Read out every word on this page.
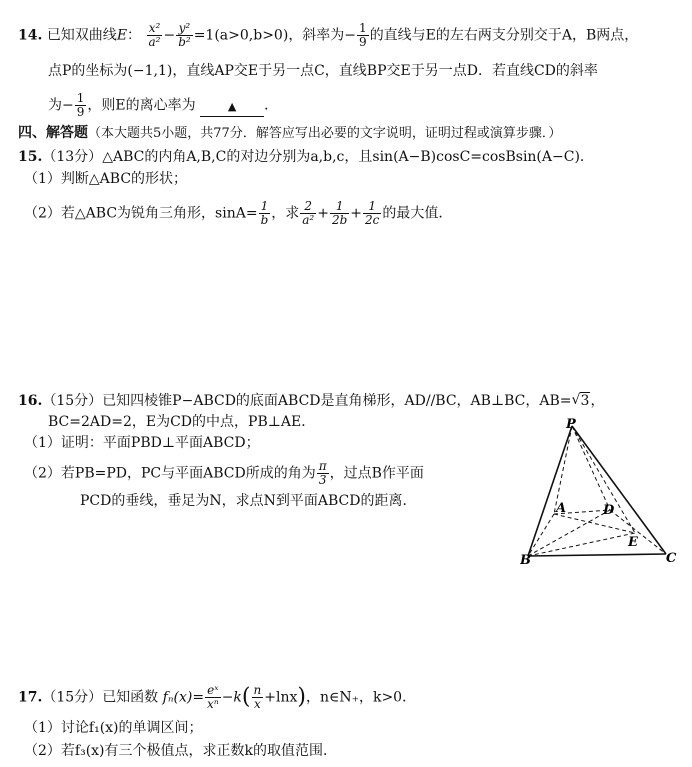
14. 已知双曲线E： $\frac{\text{x²}}{\text{a²}} - \frac{\text{y²}}{\text{b²}} =1(a>0,b>0)$，斜率为− $\frac{1}{9}$ 的直线与E的左右两支分别交于A，B两点，
点P的坐标为(−1,1)，直线AP交E于另一点C，直线BP交E于另一点D．若直线CD的斜率
为− $\frac{1}{9}$ ，则E的离心率为	▲ ．
四、解答题（本大题共5小题，共77分．解答应写出必要的文字说明，证明过程或演算步骤．）
15.（13分）△ABC的内角A,B,C的对边分别为a,b,c，且sin(A−B)cosC=cosBsin(A−C)．
（1）判断△ABC的形状；
（2）若△ABC为锐角三角形，$\sin A= \frac{1}{b}$ ，求 $\frac{2}{\text{a²}} + \frac{1}{2b} + \frac{1}{2c}$ 的最大值．
16.（15分）已知四棱锥P−ABCD的底面ABCD是直角梯形，AD//BC，AB⊥BC，AB=√ 3，
BC=2AD=2，E为CD的中点，PB⊥AE．
（1）证明：平面PBD⊥平面ABCD；
（2）若PB=PD，PC与平面ABCD所成的角为 $\frac{\pi}{3}$ ，过点B作平面
PCD的垂线，垂足为N，求点N到平面ABCD的距离．
P
A
B	C
D
E
17.（15分）已知函数 $f_n(x)= \frac{\text{eˣ}}{\text{xⁿ}} -k( \frac{n}{x} +\ln x)$，n∈N₊，k>0．
（1）讨论f₁(x)的单调区间；
（2）若f₃(x)有三个极值点，求正数k的取值范围．
